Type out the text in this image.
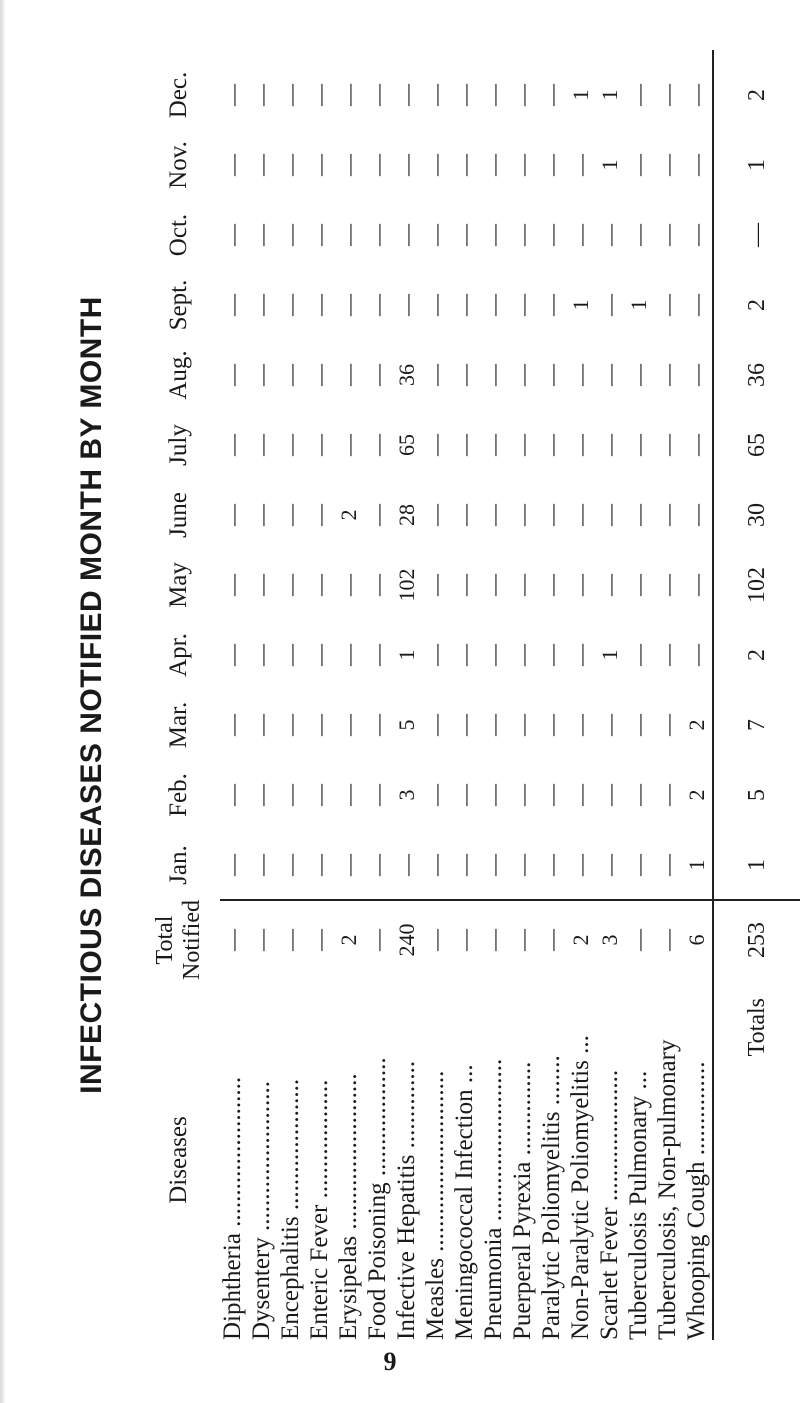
INFECTIOUS DISEASES NOTIFIED MONTH BY MONTH
Diseases	Total Notified	Jan.	Feb.	Mar.	Apr.	May	June	July	Aug.	Sept.	Oct.	Nov.	Dec.
Diphtheria ........................	—	—	—	—	—	—	—	—	—	—	—	—	—
Dysentery ........................	—	—	—	—	—	—	—	—	—	—	—	—	—
Encephalitis .....................	—	—	—	—	—	—	—	—	—	—	—	—	—
Enteric Fever ...................	—	—	—	—	—	—	—	—	—	—	—	—	—
Erysipelas .........................	2	—	—	—	—	—	2	—	—	—	—	—	—
Food Poisoning ...................	—	—	—	—	—	—	—	—	—	—	—	—	—
Infective Hepatitis ..............	240	—	3	5	1	102	28	65	36	—	—	—	—
Measles .............................	—	—	—	—	—	—	—	—	—	—	—	—	—
Meningococcal Infection ...	—	—	—	—	—	—	—	—	—	—	—	—	—
Pneumonia ..........................	—	—	—	—	—	—	—	—	—	—	—	—	—
Puerperal Pyrexia ...............	—	—	—	—	—	—	—	—	—	—	—	—	—
Paralytic Poliomyelitis ........	—	—	—	—	—	—	—	—	—	—	—	—	—
Non-Paralytic Poliomyelitis ...	2	—	—	—	—	—	—	—	—	1	—	—	1
Scarlet Fever .....................	3	—	—	—	1	—	—	—	—	—	—	1	1
Tuberculosis Pulmonary ...	—	—	—	—	—	—	—	—	—	1	—	—	—
Tuberculosis, Non-pulmonary	—	—	—	—	—	—	—	—	—	—	—	—	—
Whooping Cough ...............	6	1	2	2	—	—	—	—	—	—	—	—	—
Totals	253	1	5	7	2	102	30	65	36	2	—	1	2
9
